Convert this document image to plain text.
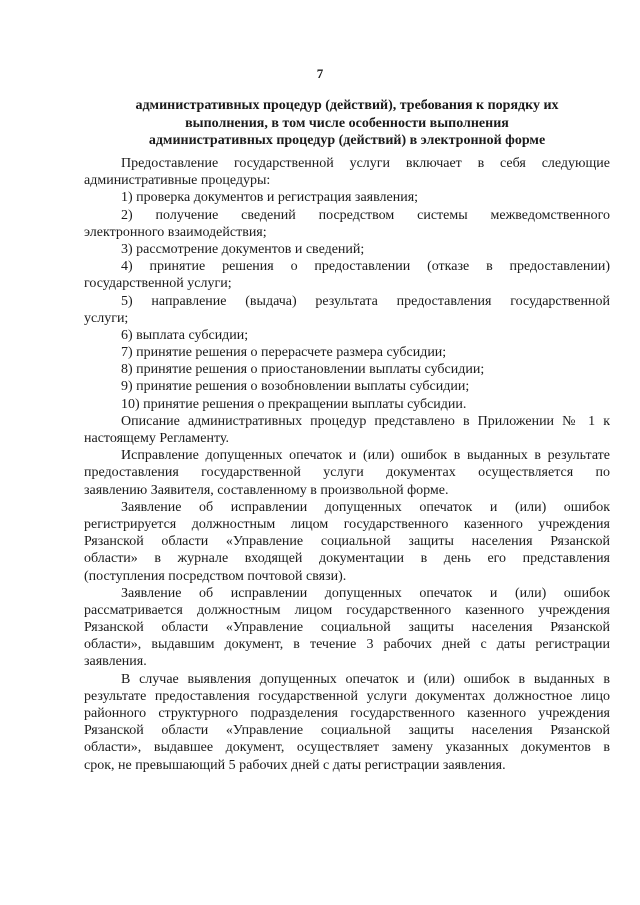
7
административных процедур (действий), требования к порядку их
выполнения, в том числе особенности выполнения
административных процедур (действий) в электронной форме
Предоставление государственной услуги включает в себя следующие
административные процедуры:
1) проверка документов и регистрация заявления;
2) получение сведений посредством системы межведомственного
электронного взаимодействия;
3) рассмотрение документов и сведений;
4) принятие решения о предоставлении (отказе в предоставлении)
государственной услуги;
5) направление (выдача) результата предоставления государственной
услуги;
6) выплата субсидии;
7) принятие решения о перерасчете размера субсидии;
8) принятие решения о приостановлении выплаты субсидии;
9) принятие решения о возобновлении выплаты субсидии;
10) принятие решения о прекращении выплаты субсидии.
Описание административных процедур представлено в Приложении № 1 к
настоящему Регламенту.
Исправление допущенных опечаток и (или) ошибок в выданных в результате
предоставления государственной услуги документах осуществляется по
заявлению Заявителя, составленному в произвольной форме.
Заявление об исправлении допущенных опечаток и (или) ошибок
регистрируется должностным лицом государственного казенного учреждения
Рязанской области «Управление социальной защиты населения Рязанской
области» в журнале входящей документации в день его представления
(поступления посредством почтовой связи).
Заявление об исправлении допущенных опечаток и (или) ошибок
рассматривается должностным лицом государственного казенного учреждения
Рязанской области «Управление социальной защиты населения Рязанской
области», выдавшим документ, в течение 3 рабочих дней с даты регистрации
заявления.
В случае выявления допущенных опечаток и (или) ошибок в выданных в
результате предоставления государственной услуги документах должностное лицо
районного структурного подразделения государственного казенного учреждения
Рязанской области «Управление социальной защиты населения Рязанской
области», выдавшее документ, осуществляет замену указанных документов в
срок, не превышающий 5 рабочих дней с даты регистрации заявления.
